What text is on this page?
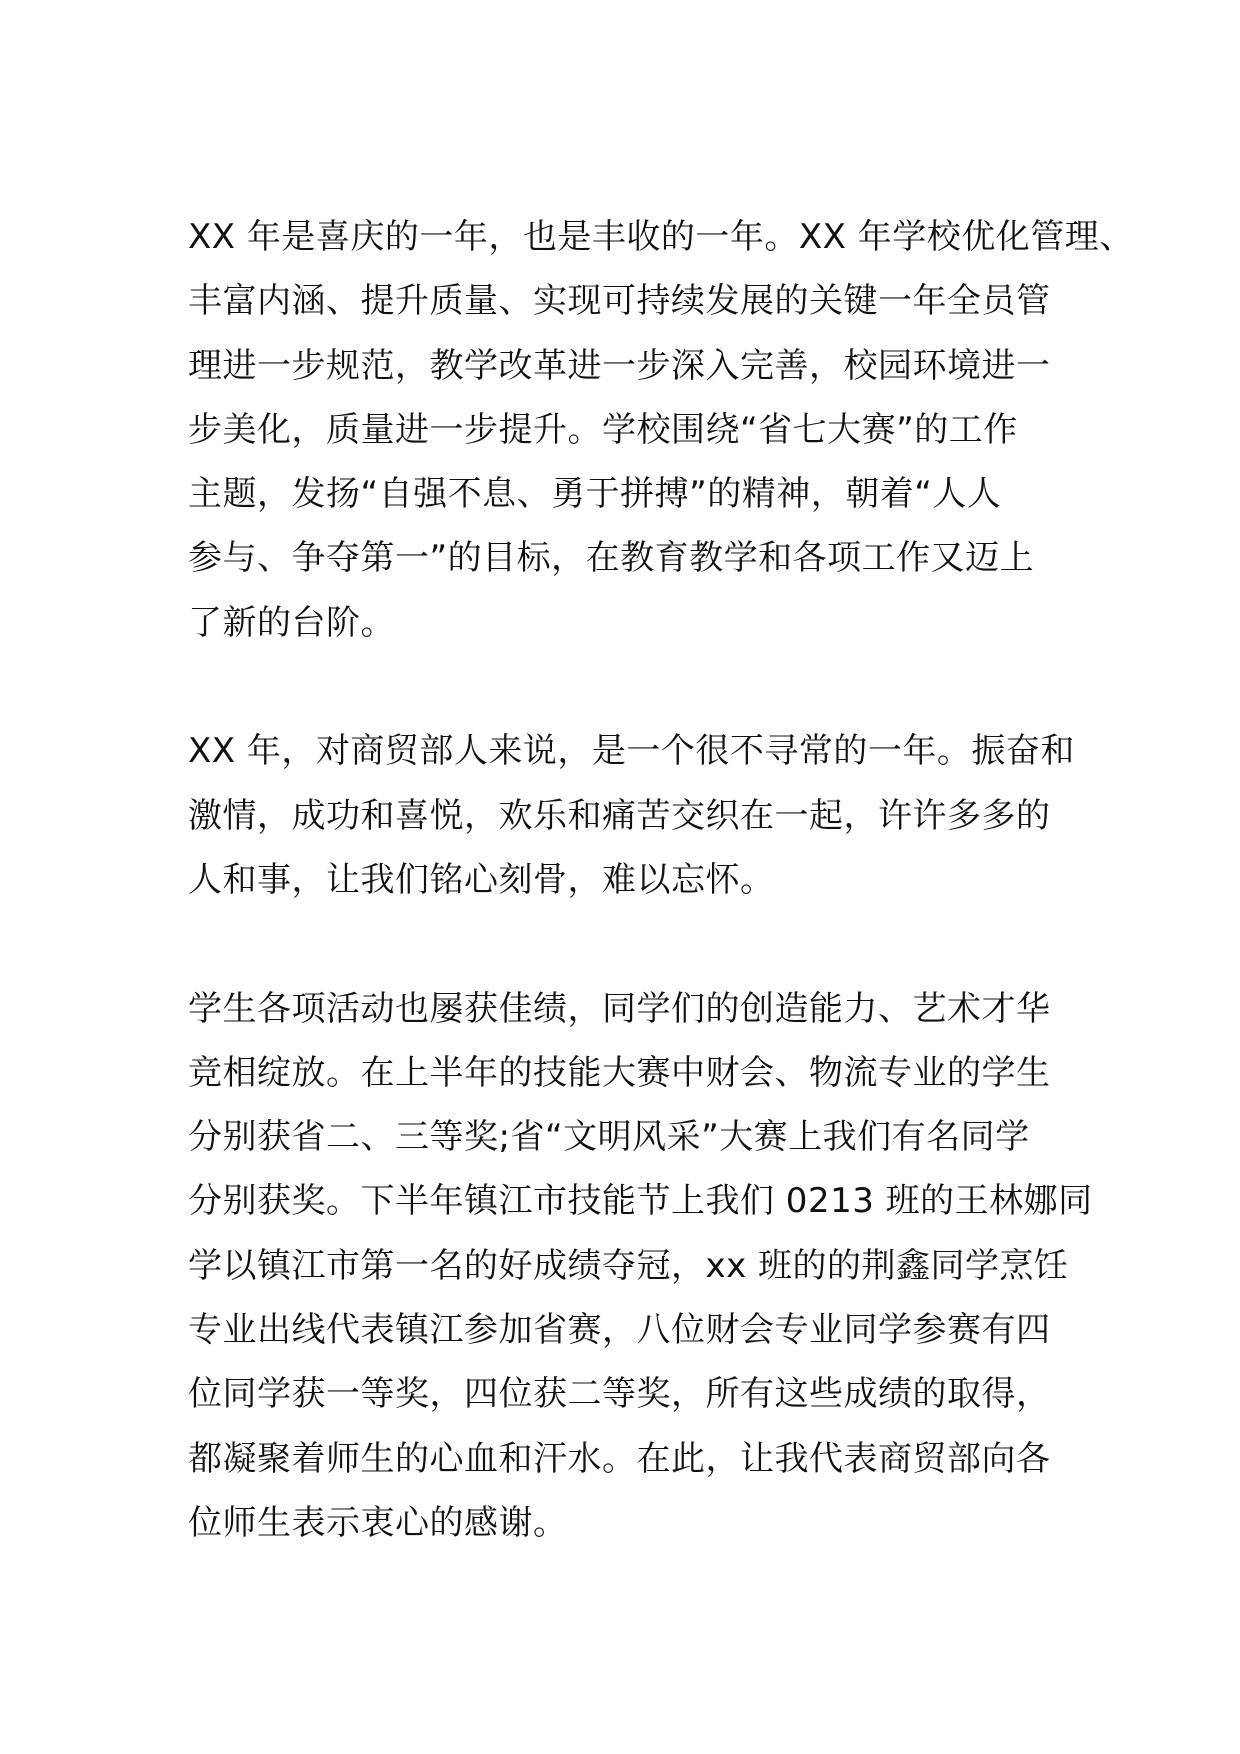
XX 年是喜庆的一年，也是丰收的一年。XX 年学校优化管理、
丰富内涵、提升质量、实现可持续发展的关键一年全员管
理进一步规范，教学改革进一步深入完善，校园环境进一
步美化，质量进一步提升。学校围绕“省七大赛”的工作
主题，发扬“自强不息、勇于拼搏”的精神，朝着“人人
参与、争夺第一”的目标，在教育教学和各项工作又迈上
了新的台阶。
XX 年，对商贸部人来说，是一个很不寻常的一年。振奋和
激情，成功和喜悦，欢乐和痛苦交织在一起，许许多多的
人和事，让我们铭心刻骨，难以忘怀。
学生各项活动也屡获佳绩，同学们的创造能力、艺术才华
竞相绽放。在上半年的技能大赛中财会、物流专业的学生
分别获省二、三等奖;省“文明风采”大赛上我们有名同学
分别获奖。下半年镇江市技能节上我们 0213 班的王林娜同
学以镇江市第一名的好成绩夺冠，xx 班的的荆鑫同学烹饪
专业出线代表镇江参加省赛，八位财会专业同学参赛有四
位同学获一等奖，四位获二等奖，所有这些成绩的取得，
都凝聚着师生的心血和汗水。在此，让我代表商贸部向各
位师生表示衷心的感谢。
